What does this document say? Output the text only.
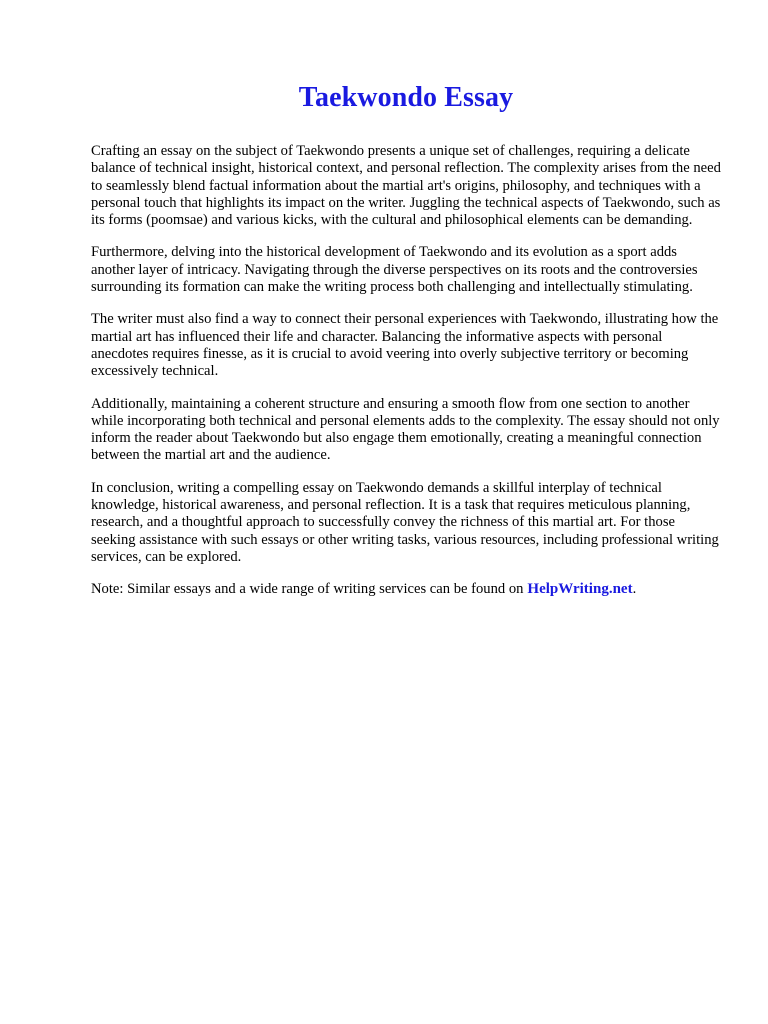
Taekwondo Essay

Crafting an essay on the subject of Taekwondo presents a unique set of challenges, requiring a delicate balance of technical insight, historical context, and personal reflection. The complexity arises from the need to seamlessly blend factual information about the martial art's origins, philosophy, and techniques with a personal touch that highlights its impact on the writer. Juggling the technical aspects of Taekwondo, such as its forms (poomsae) and various kicks, with the cultural and philosophical elements can be demanding.

Furthermore, delving into the historical development of Taekwondo and its evolution as a sport adds another layer of intricacy. Navigating through the diverse perspectives on its roots and the controversies surrounding its formation can make the writing process both challenging and intellectually stimulating.

The writer must also find a way to connect their personal experiences with Taekwondo, illustrating how the martial art has influenced their life and character. Balancing the informative aspects with personal anecdotes requires finesse, as it is crucial to avoid veering into overly subjective territory or becoming excessively technical.

Additionally, maintaining a coherent structure and ensuring a smooth flow from one section to another while incorporating both technical and personal elements adds to the complexity. The essay should not only inform the reader about Taekwondo but also engage them emotionally, creating a meaningful connection between the martial art and the audience.

In conclusion, writing a compelling essay on Taekwondo demands a skillful interplay of technical knowledge, historical awareness, and personal reflection. It is a task that requires meticulous planning, research, and a thoughtful approach to successfully convey the richness of this martial art. For those seeking assistance with such essays or other writing tasks, various resources, including professional writing services, can be explored.

Note: Similar essays and a wide range of writing services can be found on HelpWriting.net.
